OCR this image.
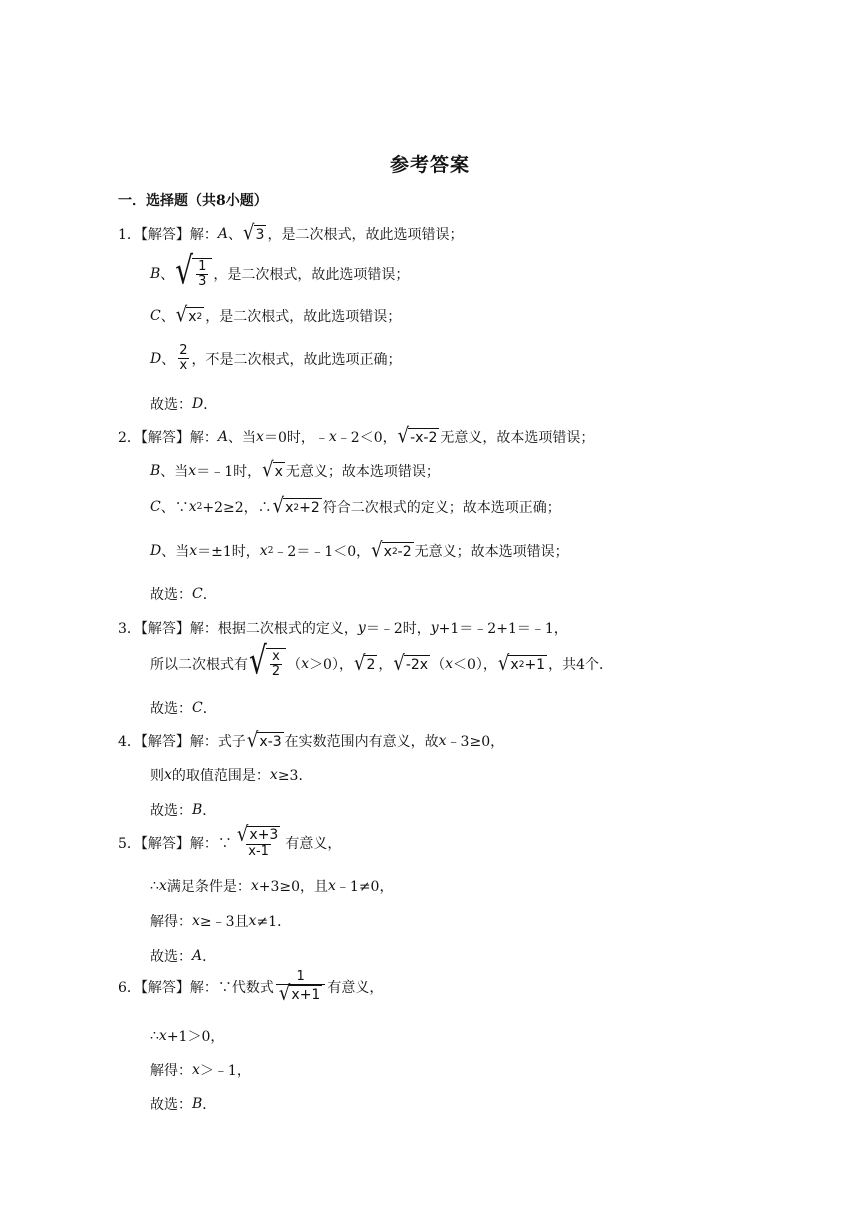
参考答案
一．选择题（共8小题）
1．【解答】解： A 、 √ 3 ，是二次根式，故此选项错误；
B 、 √ $\frac{1}{3}$ ，是二次根式，故此选项错误；
C 、 √ x 2 ，是二次根式，故此选项错误；
D 、 $\frac{2}{x}$ ，不是二次根式，故此选项正确；
故选： D ．
2．【解答】解： A 、当 x ＝0时，﹣ x ﹣2＜0， √ -x-2 无意义，故本选项错误；
B 、当 x ＝﹣1时， √ x 无意义；故本选项错误；
C 、∵ x 2 +2≥2，∴ √ x 2 +2 符合二次根式的定义；故本选项正确；
D 、当 x ＝±1时， x 2 ﹣2＝﹣1＜0， √ x 2 -2 无意义；故本选项错误；
故选： C ．
3．【解答】解：根据二次根式的定义， y ＝﹣2时， y +1＝﹣2+1＝﹣1，
所以二次根式有 √ $\frac{x}{2}$ （ x ＞0）， √ 2 ， √ -2x （ x ＜0）， √ x 2 +1 ，共4个．
故选： C ．
4．【解答】解：式子 √ x-3 在实数范围内有意义，故 x ﹣3≥0，
则 x 的取值范围是： x ≥3．
故选： B ．
5．【解答】解：∵ $\frac{√ x+3}{x-1}$ 有意义，
∴ x 满足条件是： x +3≥0，且 x ﹣1≠0，
解得： x ≥﹣3且 x ≠1．
故选： A ．
6．【解答】解：∵代数式 $\frac{1}{√ x+1}$ 有意义，
∴ x +1＞0，
解得： x ＞﹣1，
故选： B ．
